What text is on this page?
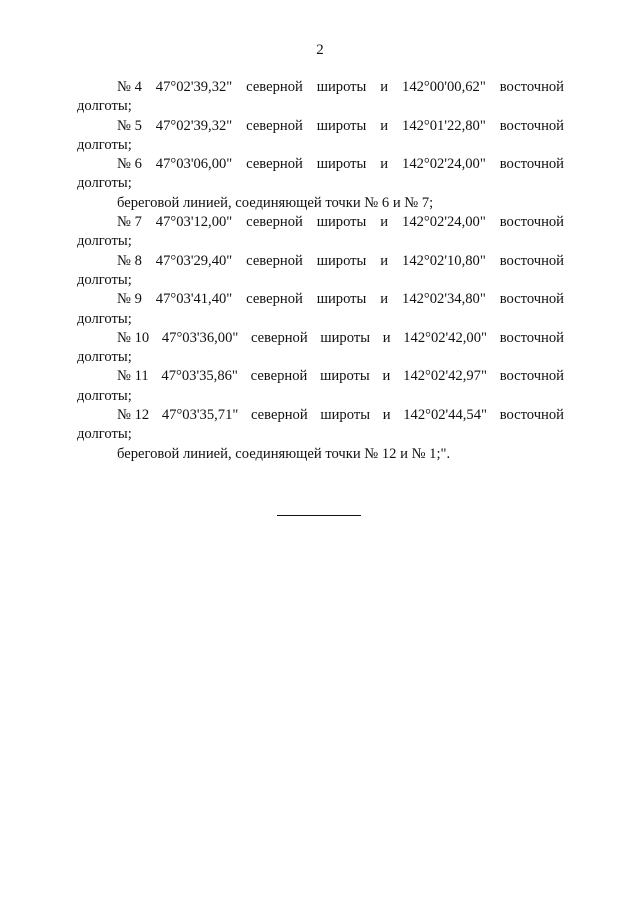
2
№ 4 47°02'39,32" северной широты и 142°00'00,62" восточной
долготы;
№ 5 47°02'39,32" северной широты и 142°01'22,80" восточной
долготы;
№ 6 47°03'06,00" северной широты и 142°02'24,00" восточной
долготы;
береговой линией, соединяющей точки № 6 и № 7;
№ 7 47°03'12,00" северной широты и 142°02'24,00" восточной
долготы;
№ 8 47°03'29,40" северной широты и 142°02'10,80" восточной
долготы;
№ 9 47°03'41,40" северной широты и 142°02'34,80" восточной
долготы;
№ 10 47°03'36,00" северной широты и 142°02'42,00" восточной
долготы;
№ 11 47°03'35,86" северной широты и 142°02'42,97" восточной
долготы;
№ 12 47°03'35,71" северной широты и 142°02'44,54" восточной
долготы;
береговой линией, соединяющей точки № 12 и № 1;".
